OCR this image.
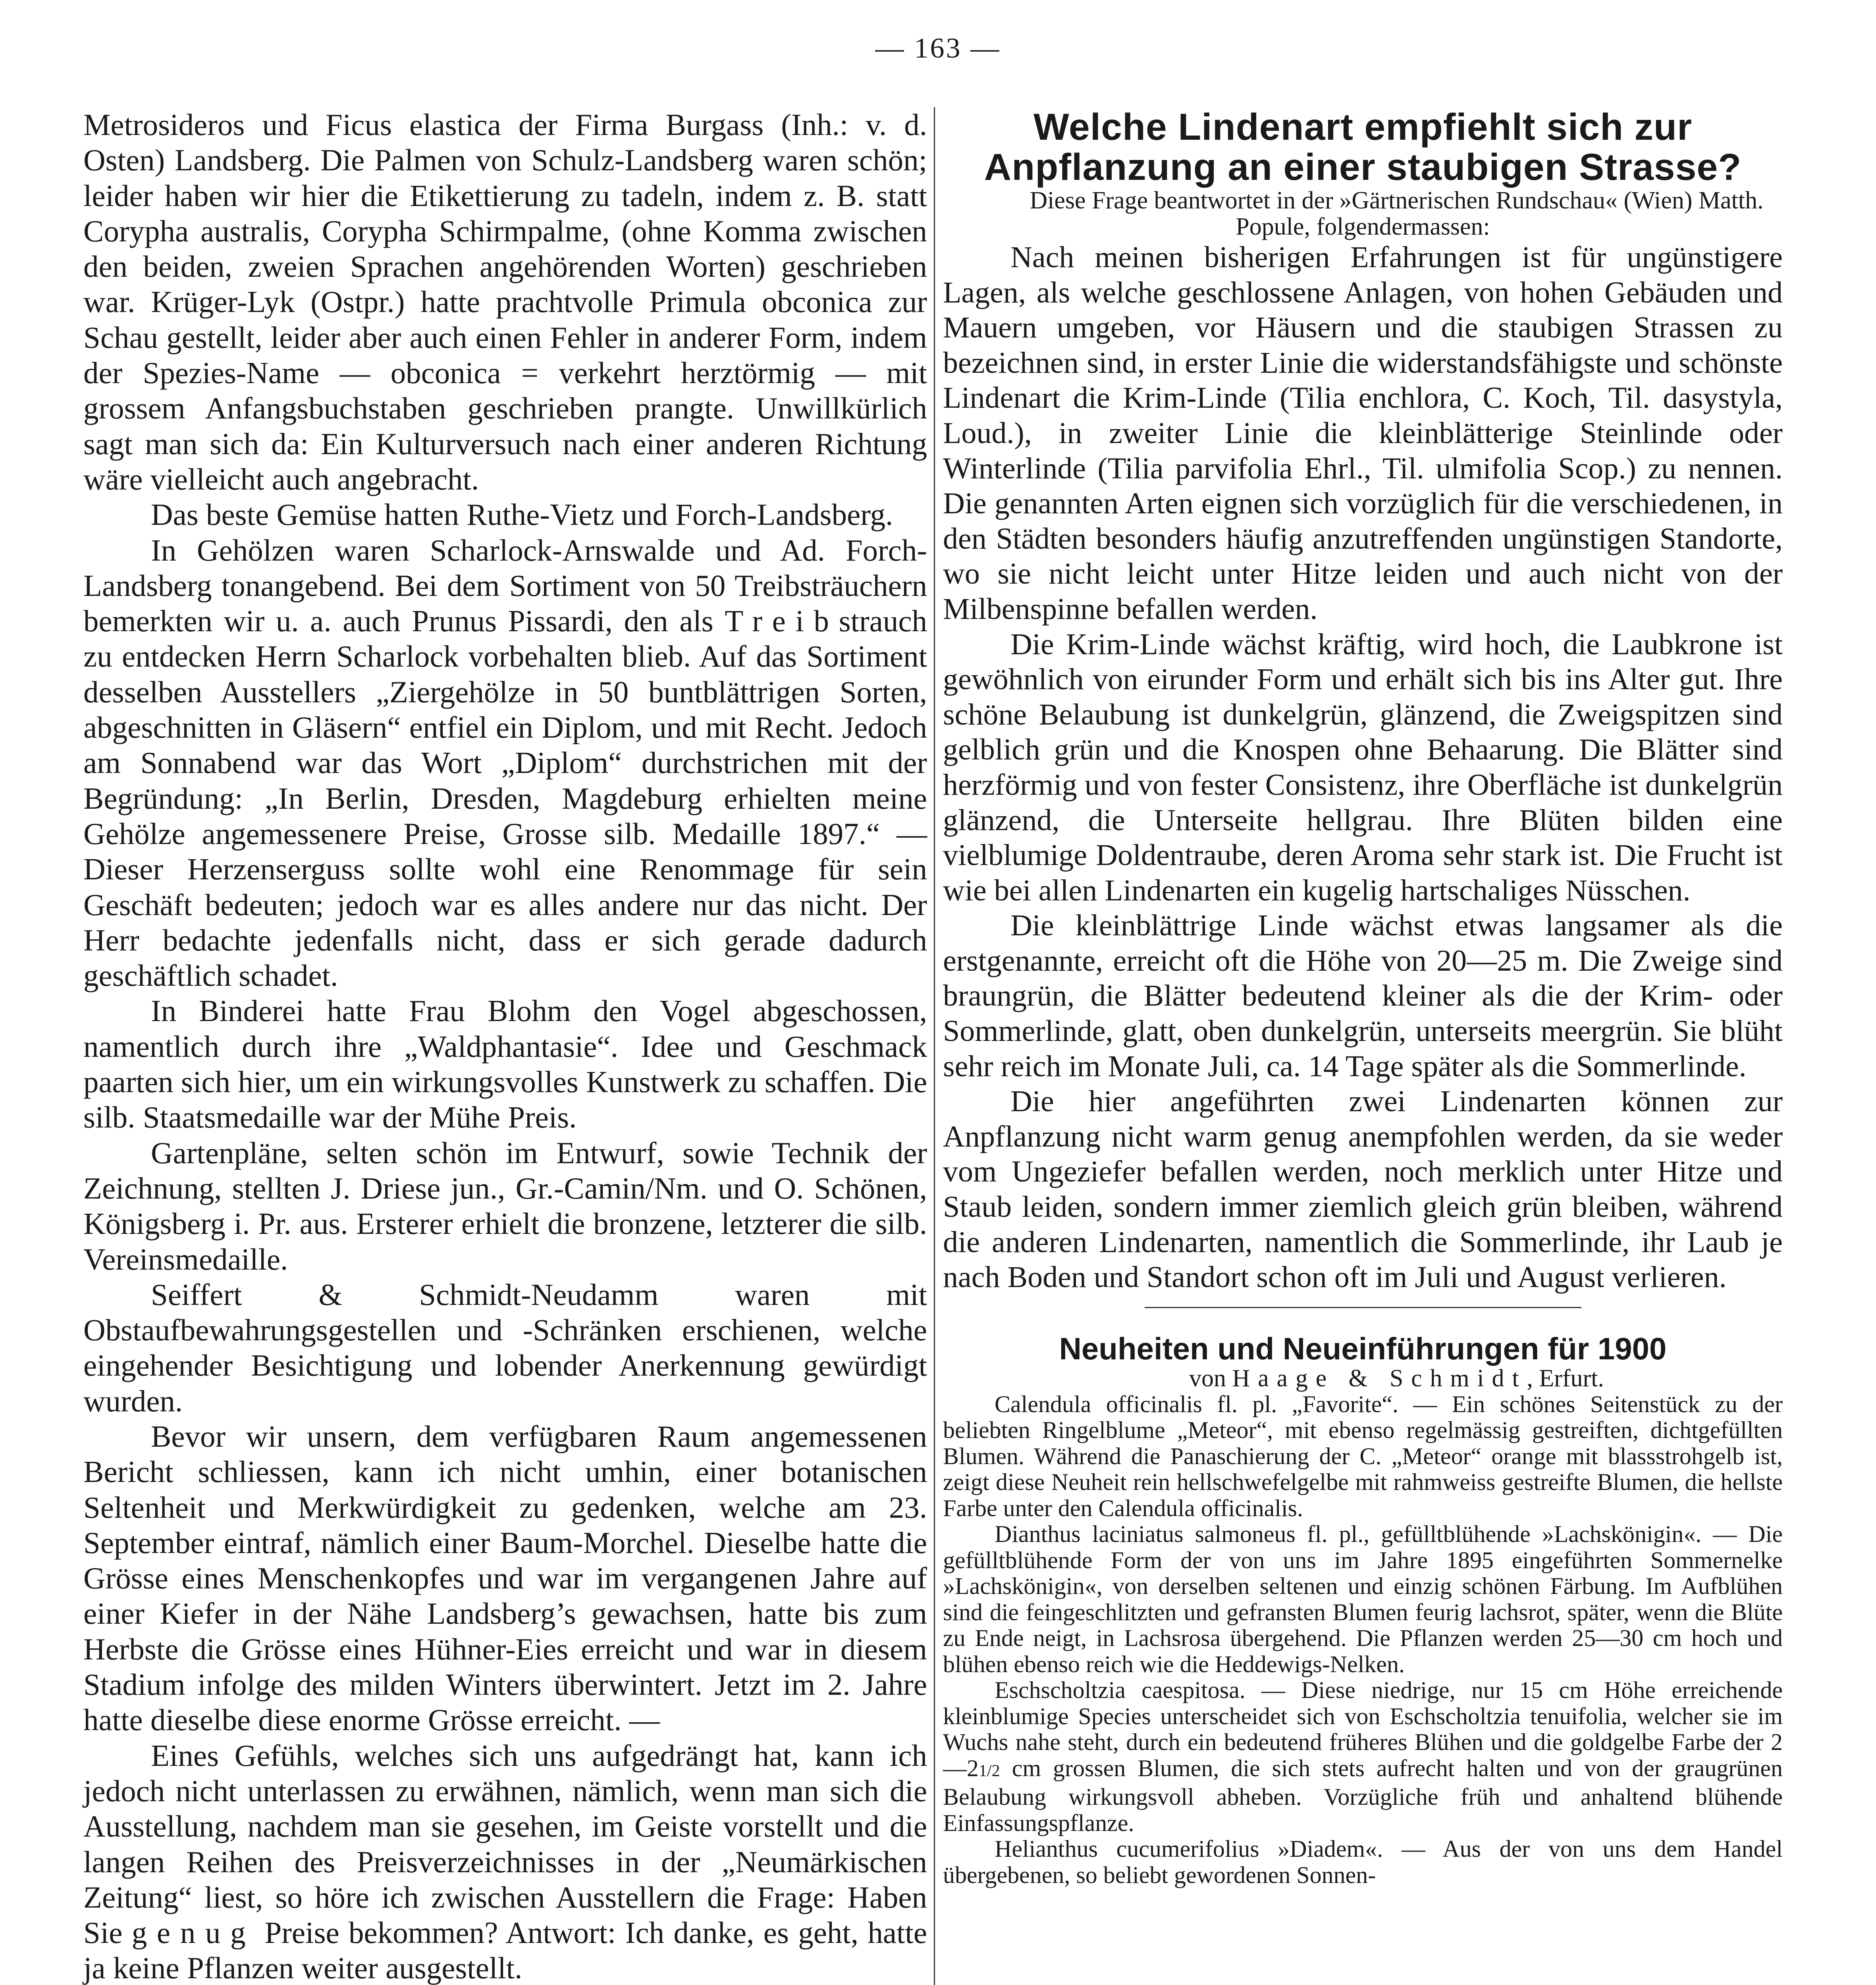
— 163 —

Metrosideros und Ficus elastica der Firma Burgass (Inh.: v. d. Osten) Landsberg. Die Palmen von Schulz-Landsberg waren schön; leider haben wir hier die Etikettierung zu tadeln, indem z. B. statt Corypha australis, Corypha Schirmpalme, (ohne Komma zwischen den beiden, zweien Sprachen angehörenden Worten) geschrieben war. Krüger-Lyk (Ostpr.) hatte prachtvolle Primula obconica zur Schau gestellt, leider aber auch einen Fehler in anderer Form, indem der Spezies-Name — obconica = verkehrt herztörmig — mit grossem Anfangsbuchstaben geschrieben prangte. Unwillkürlich sagt man sich da: Ein Kulturversuch nach einer anderen Richtung wäre vielleicht auch angebracht.

Das beste Gemüse hatten Ruthe-Vietz und Forch-Landsberg.

In Gehölzen waren Scharlock-Arnswalde und Ad. Forch-Landsberg tonangebend. Bei dem Sortiment von 50 Treibsträuchern bemerkten wir u. a. auch Prunus Pissardi, den als Treibstrauch zu entdecken Herrn Scharlock vorbehalten blieb. Auf das Sortiment desselben Ausstellers „Ziergehölze in 50 buntblättrigen Sorten, abgeschnitten in Gläsern“ entfiel ein Diplom, und mit Recht. Jedoch am Sonnabend war das Wort „Diplom“ durchstrichen mit der Begründung: „In Berlin, Dresden, Magdeburg erhielten meine Gehölze angemessenere Preise, Grosse silb. Medaille 1897.“ — Dieser Herzenserguss sollte wohl eine Renommage für sein Geschäft bedeuten; jedoch war es alles andere nur das nicht. Der Herr bedachte jedenfalls nicht, dass er sich gerade dadurch geschäftlich schadet.

In Binderei hatte Frau Blohm den Vogel abgeschossen, namentlich durch ihre „Waldphantasie“. Idee und Geschmack paarten sich hier, um ein wirkungsvolles Kunstwerk zu schaffen. Die silb. Staatsmedaille war der Mühe Preis.

Gartenpläne, selten schön im Entwurf, sowie Technik der Zeichnung, stellten J. Driese jun., Gr.-Camin/Nm. und O. Schönen, Königsberg i. Pr. aus. Ersterer erhielt die bronzene, letzterer die silb. Vereinsmedaille.

Seiffert & Schmidt-Neudamm waren mit Obstaufbewahrungsgestellen und -Schränken erschienen, welche eingehender Besichtigung und lobender Anerkennung gewürdigt wurden.

Bevor wir unsern, dem verfügbaren Raum angemessenen Bericht schliessen, kann ich nicht umhin, einer botanischen Seltenheit und Merkwürdigkeit zu gedenken, welche am 23. September eintraf, nämlich einer Baum-Morchel. Dieselbe hatte die Grösse eines Menschenkopfes und war im vergangenen Jahre auf einer Kiefer in der Nähe Landsberg’s gewachsen, hatte bis zum Herbste die Grösse eines Hühner-Eies erreicht und war in diesem Stadium infolge des milden Winters überwintert. Jetzt im 2. Jahre hatte dieselbe diese enorme Grösse erreicht. —

Eines Gefühls, welches sich uns aufgedrängt hat, kann ich jedoch nicht unterlassen zu erwähnen, nämlich, wenn man sich die Ausstellung, nachdem man sie gesehen, im Geiste vorstellt und die langen Reihen des Preisverzeichnisses in der „Neumärkischen Zeitung“ liest, so höre ich zwischen Ausstellern die Frage: Haben Sie genug Preise bekommen? Antwort: Ich danke, es geht, hatte ja keine Pflanzen weiter ausgestellt.

Welche Lindenart empfiehlt sich zur Anpflanzung an einer staubigen Strasse?

Diese Frage beantwortet in der »Gärtnerischen Rundschau« (Wien) Matth. Popule, folgendermassen:

Nach meinen bisherigen Erfahrungen ist für ungünstigere Lagen, als welche geschlossene Anlagen, von hohen Gebäuden und Mauern umgeben, vor Häusern und die staubigen Strassen zu bezeichnen sind, in erster Linie die widerstandsfähigste und schönste Lindenart die Krim-Linde (Tilia enchlora, C. Koch, Til. dasystyla, Loud.), in zweiter Linie die kleinblätterige Steinlinde oder Winterlinde (Tilia parvifolia Ehrl., Til. ulmifolia Scop.) zu nennen. Die genannten Arten eignen sich vorzüglich für die verschiedenen, in den Städten besonders häufig anzutreffenden ungünstigen Standorte, wo sie nicht leicht unter Hitze leiden und auch nicht von der Milbenspinne befallen werden.

Die Krim-Linde wächst kräftig, wird hoch, die Laubkrone ist gewöhnlich von eirunder Form und erhält sich bis ins Alter gut. Ihre schöne Belaubung ist dunkelgrün, glänzend, die Zweigspitzen sind gelblich grün und die Knospen ohne Behaarung. Die Blätter sind herzförmig und von fester Consistenz, ihre Oberfläche ist dunkelgrün glänzend, die Unterseite hellgrau. Ihre Blüten bilden eine vielblumige Doldentraube, deren Aroma sehr stark ist. Die Frucht ist wie bei allen Lindenarten ein kugelig hartschaliges Nüsschen.

Die kleinblättrige Linde wächst etwas langsamer als die erstgenannte, erreicht oft die Höhe von 20—25 m. Die Zweige sind braungrün, die Blätter bedeutend kleiner als die der Krim- oder Sommerlinde, glatt, oben dunkelgrün, unterseits meergrün. Sie blüht sehr reich im Monate Juli, ca. 14 Tage später als die Sommerlinde.

Die hier angeführten zwei Lindenarten können zur Anpflanzung nicht warm genug anempfohlen werden, da sie weder vom Ungeziefer befallen werden, noch merklich unter Hitze und Staub leiden, sondern immer ziemlich gleich grün bleiben, während die anderen Lindenarten, namentlich die Sommerlinde, ihr Laub je nach Boden und Standort schon oft im Juli und August verlieren.

Neuheiten und Neueinführungen für 1900

von Haage & Schmidt, Erfurt.

Calendula officinalis fl. pl. „Favorite“. — Ein schönes Seitenstück zu der beliebten Ringelblume „Meteor“, mit ebenso regelmässig gestreiften, dichtgefüllten Blumen. Während die Panaschierung der C. „Meteor“ orange mit blassstrohgelb ist, zeigt diese Neuheit rein hellschwefelgelbe mit rahmweiss gestreifte Blumen, die hellste Farbe unter den Calendula officinalis.

Dianthus laciniatus salmoneus fl. pl., gefülltblühende »Lachskönigin«. — Die gefülltblühende Form der von uns im Jahre 1895 eingeführten Sommernelke »Lachskönigin«, von derselben seltenen und einzig schönen Färbung. Im Aufblühen sind die feingeschlitzten und gefransten Blumen feurig lachsrot, später, wenn die Blüte zu Ende neigt, in Lachsrosa übergehend. Die Pflanzen werden 25—30 cm hoch und blühen ebenso reich wie die Heddewigs-Nelken.

Eschscholtzia caespitosa. — Diese niedrige, nur 15 cm Höhe erreichende kleinblumige Species unterscheidet sich von Eschscholtzia tenuifolia, welcher sie im Wuchs nahe steht, durch ein bedeutend früheres Blühen und die goldgelbe Farbe der 2—21/2 cm grossen Blumen, die sich stets aufrecht halten und von der graugrünen Belaubung wirkungsvoll abheben. Vorzügliche früh und anhaltend blühende Einfassungspflanze.

Helianthus cucumerifolius »Diadem«. — Aus der von uns dem Handel übergebenen, so beliebt gewordenen Sonnen-
